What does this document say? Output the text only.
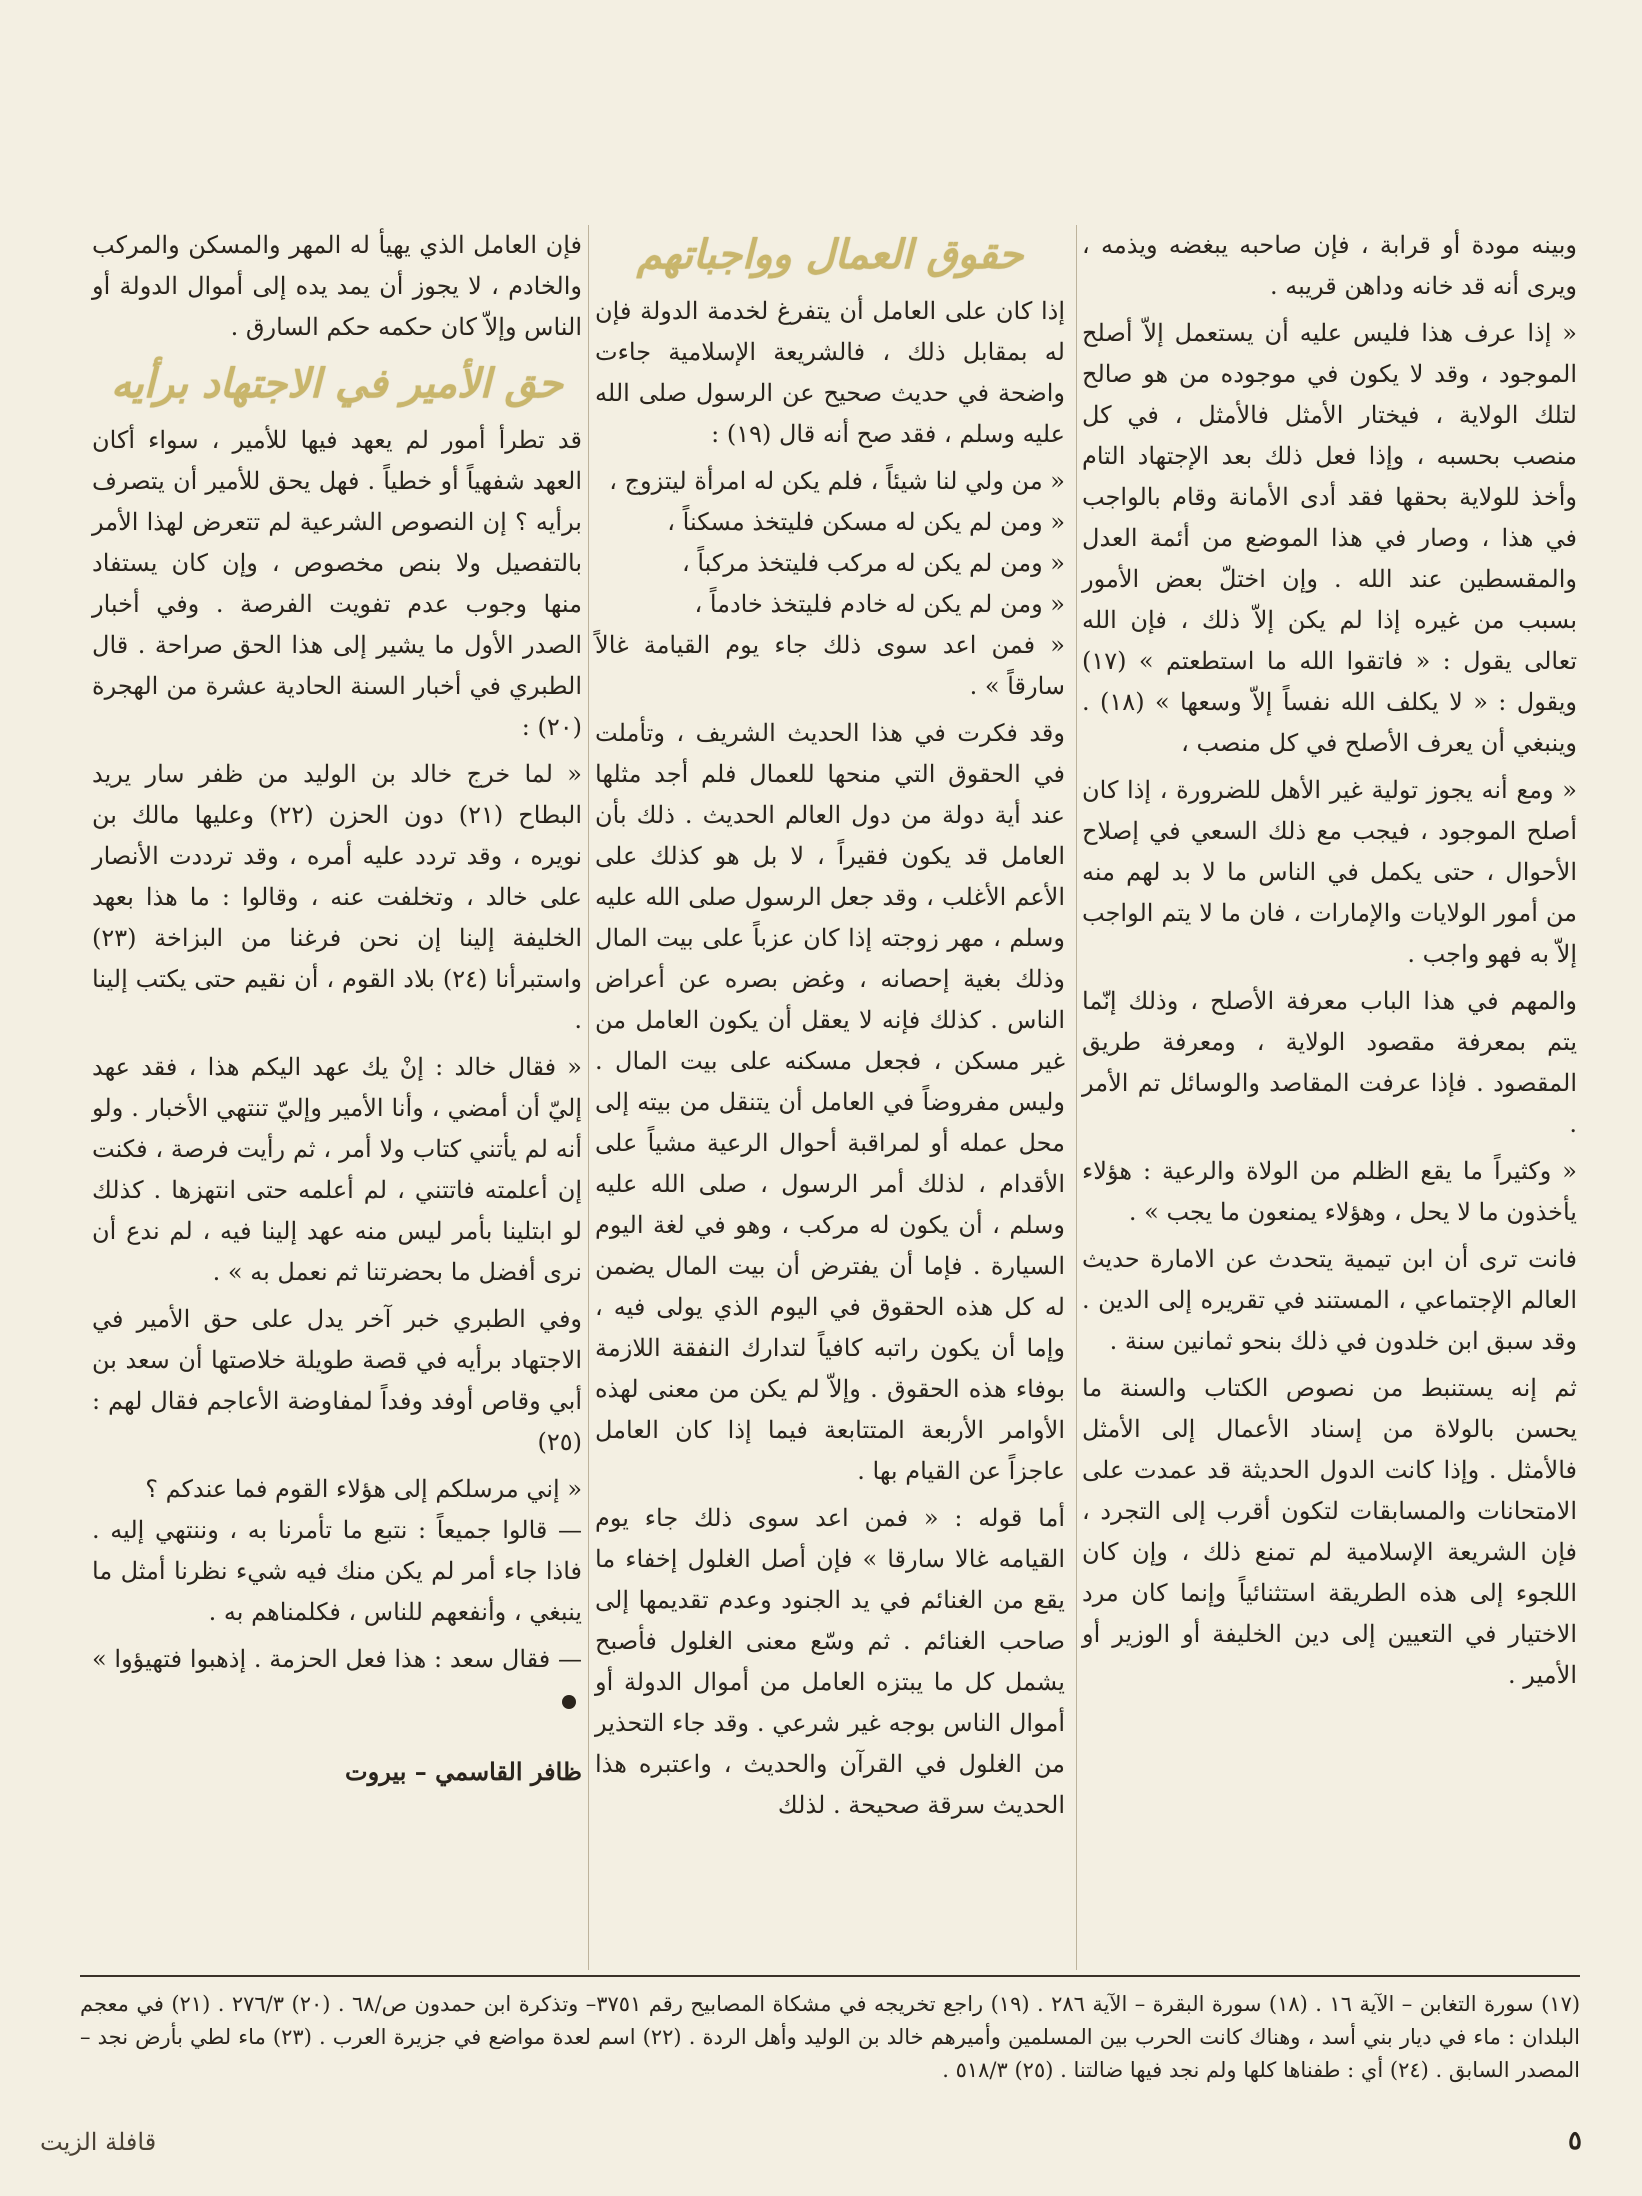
وبينه مودة أو قرابة ، فإن صاحبه يبغضه ويذمه ، ويرى أنه قد خانه وداهن قريبه .

« إذا عرف هذا فليس عليه أن يستعمل إلاّ أصلح الموجود ، وقد لا يكون في موجوده من هو صالح لتلك الولاية ، فيختار الأمثل فالأمثل ، في كل منصب بحسبه ، وإذا فعل ذلك بعد الإجتهاد التام وأخذ للولاية بحقها فقد أدى الأمانة وقام بالواجب في هذا ، وصار في هذا الموضع من أئمة العدل والمقسطين عند الله . وإن اختلّ بعض الأمور بسبب من غيره إذا لم يكن إلاّ ذلك ، فإن الله تعالى يقول : « فاتقوا الله ما استطعتم » (١٧) ويقول : « لا يكلف الله نفساً إلاّ وسعها » (١٨) . وينبغي أن يعرف الأصلح في كل منصب ،

« ومع أنه يجوز تولية غير الأهل للضرورة ، إذا كان أصلح الموجود ، فيجب مع ذلك السعي في إصلاح الأحوال ، حتى يكمل في الناس ما لا بد لهم منه من أمور الولايات والإمارات ، فان ما لا يتم الواجب إلاّ به فهو واجب .

والمهم في هذا الباب معرفة الأصلح ، وذلك إنّما يتم بمعرفة مقصود الولاية ، ومعرفة طريق المقصود . فإذا عرفت المقاصد والوسائل تم الأمر .

« وكثيراً ما يقع الظلم من الولاة والرعية : هؤلاء يأخذون ما لا يحل ، وهؤلاء يمنعون ما يجب » .

فانت ترى أن ابن تيمية يتحدث عن الامارة حديث العالم الإجتماعي ، المستند في تقريره إلى الدين . وقد سبق ابن خلدون في ذلك بنحو ثمانين سنة .

ثم إنه يستنبط من نصوص الكتاب والسنة ما يحسن بالولاة من إسناد الأعمال إلى الأمثل فالأمثل . وإذا كانت الدول الحديثة قد عمدت على الامتحانات والمسابقات لتكون أقرب إلى التجرد ، فإن الشريعة الإسلامية لم تمنع ذلك ، وإن كان اللجوء إلى هذه الطريقة استثنائياً وإنما كان مرد الاختيار في التعيين إلى دين الخليفة أو الوزير أو الأمير .

حقوق العمال وواجباتهم

إذا كان على العامل أن يتفرغ لخدمة الدولة فإن له بمقابل ذلك ، فالشريعة الإسلامية جاءت واضحة في حديث صحيح عن الرسول صلى الله عليه وسلم ، فقد صح أنه قال (١٩) :

« من ولي لنا شيئاً ، فلم يكن له امرأة ليتزوج ،

« ومن لم يكن له مسكن فليتخذ مسكناً ،

« ومن لم يكن له مركب فليتخذ مركباً ،

« ومن لم يكن له خادم فليتخذ خادماً ،

« فمن اعد سوى ذلك جاء يوم القيامة غالاً سارقاً » .

وقد فكرت في هذا الحديث الشريف ، وتأملت في الحقوق التي منحها للعمال فلم أجد مثلها عند أية دولة من دول العالم الحديث . ذلك بأن العامل قد يكون فقيراً ، لا بل هو كذلك على الأعم الأغلب ، وقد جعل الرسول صلى الله عليه وسلم ، مهر زوجته إذا كان عزباً على بيت المال وذلك بغية إحصانه ، وغض بصره عن أعراض الناس . كذلك فإنه لا يعقل أن يكون العامل من غير مسكن ، فجعل مسكنه على بيت المال . وليس مفروضاً في العامل أن يتنقل من بيته إلى محل عمله أو لمراقبة أحوال الرعية مشياً على الأقدام ، لذلك أمر الرسول ، صلى الله عليه وسلم ، أن يكون له مركب ، وهو في لغة اليوم السيارة . فإما أن يفترض أن بيت المال يضمن له كل هذه الحقوق في اليوم الذي يولى فيه ، وإما أن يكون راتبه كافياً لتدارك النفقة اللازمة بوفاء هذه الحقوق . وإلاّ لم يكن من معنى لهذه الأوامر الأربعة المتتابعة فيما إذا كان العامل عاجزاً عن القيام بها .

أما قوله : « فمن اعد سوى ذلك جاء يوم القيامه غالا سارقا » فإن أصل الغلول إخفاء ما يقع من الغنائم في يد الجنود وعدم تقديمها إلى صاحب الغنائم . ثم وسّع معنى الغلول فأصبح يشمل كل ما يبتزه العامل من أموال الدولة أو أموال الناس بوجه غير شرعي . وقد جاء التحذير من الغلول في القرآن والحديث ، واعتبره هذا الحديث سرقة صحيحة . لذلك

فإن العامل الذي يهيأ له المهر والمسكن والمركب والخادم ، لا يجوز أن يمد يده إلى أموال الدولة أو الناس وإلاّ كان حكمه حكم السارق .

حق الأمير في الاجتهاد برأيه

قد تطرأ أمور لم يعهد فيها للأمير ، سواء أكان العهد شفهياً أو خطياً . فهل يحق للأمير أن يتصرف برأيه ؟ إن النصوص الشرعية لم تتعرض لهذا الأمر بالتفصيل ولا بنص مخصوص ، وإن كان يستفاد منها وجوب عدم تفويت الفرصة . وفي أخبار الصدر الأول ما يشير إلى هذا الحق صراحة . قال الطبري في أخبار السنة الحادية عشرة من الهجرة (٢٠) :

« لما خرج خالد بن الوليد من ظفر سار يريد البطاح (٢١) دون الحزن (٢٢) وعليها مالك بن نويره ، وقد تردد عليه أمره ، وقد ترددت الأنصار على خالد ، وتخلفت عنه ، وقالوا : ما هذا بعهد الخليفة إلينا إن نحن فرغنا من البزاخة (٢٣) واستبرأنا (٢٤) بلاد القوم ، أن نقيم حتى يكتب إلينا .

« فقال خالد : إنْ يك عهد اليكم هذا ، فقد عهد إليّ أن أمضي ، وأنا الأمير وإليّ تنتهي الأخبار . ولو أنه لم يأتني كتاب ولا أمر ، ثم رأيت فرصة ، فكنت إن أعلمته فاتتني ، لم أعلمه حتى انتهزها . كذلك لو ابتلينا بأمر ليس منه عهد إلينا فيه ، لم ندع أن نرى أفضل ما بحضرتنا ثم نعمل به » .

وفي الطبري خبر آخر يدل على حق الأمير في الاجتهاد برأيه في قصة طويلة خلاصتها أن سعد بن أبي وقاص أوفد وفداً لمفاوضة الأعاجم فقال لهم : (٢٥)

« إني مرسلكم إلى هؤلاء القوم فما عندكم ؟

— قالوا جميعاً : نتبع ما تأمرنا به ، وننتهي إليه . فاذا جاء أمر لم يكن منك فيه شيء نظرنا أمثل ما ينبغي ، وأنفعهم للناس ، فكلمناهم به .

— فقال سعد : هذا فعل الحزمة . إذهبوا فتهيؤوا »

ظافر القاسمي – بيروت

(١٧) سورة التغابن – الآية ١٦ . (١٨) سورة البقرة – الآية ٢٨٦ . (١٩) راجع تخريجه في مشكاة المصابيح رقم ٣٧٥١– وتذكرة ابن حمدون ص/٦٨ . (٢٠) ٢٧٦/٣ . (٢١) في معجم البلدان : ماء في ديار بني أسد ، وهناك كانت الحرب بين المسلمين وأميرهم خالد بن الوليد وأهل الردة . (٢٢) اسم لعدة مواضع في جزيرة العرب . (٢٣) ماء لطي بأرض نجد – المصدر السابق . (٢٤) أي : طفناها كلها ولم نجد فيها ضالتنا . (٢٥) ٥١٨/٣ .

٥
قافلة الزيت
